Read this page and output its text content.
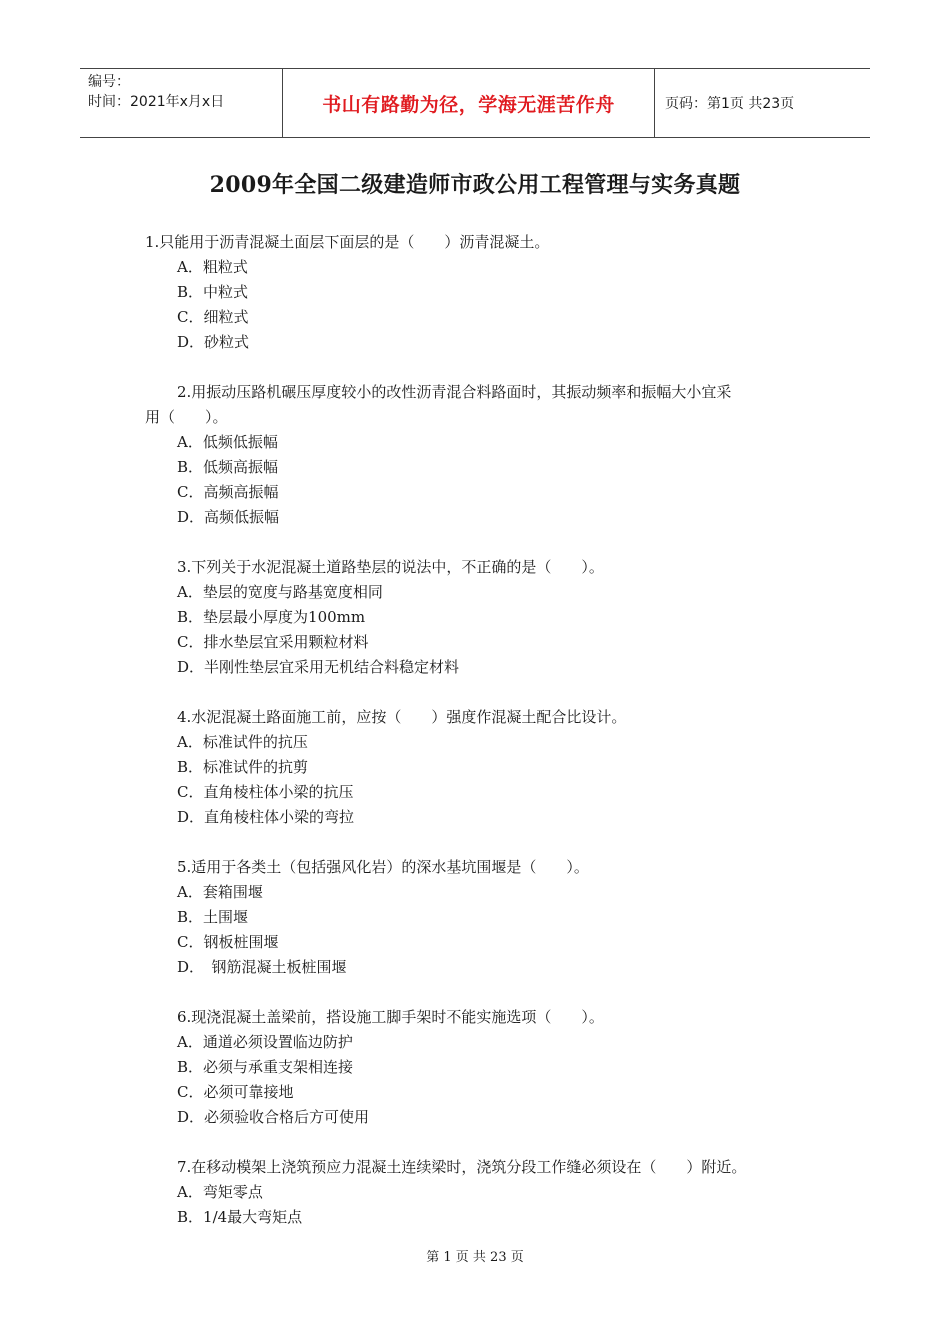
编号：
时间：2021年x月x日	书山有路勤为径，学海无涯苦作舟	页码：第1页 共23页
2009年全国二级建造师市政公用工程管理与实务真题

1.只能用于沥青混凝土面层下面层的是（　　）沥青混凝土。

A．粗粒式
B．中粒式
C．细粒式
D．砂粒式

2.用振动压路机碾压厚度较小的改性沥青混合料路面时，其振动频率和振幅大小宜采

用（　　）。

A．低频低振幅
B．低频高振幅
C．高频高振幅
D．高频低振幅

3.下列关于水泥混凝土道路垫层的说法中，不正确的是（　　）。

A．垫层的宽度与路基宽度相同
B．垫层最小厚度为100mm
C．排水垫层宜采用颗粒材料
D．半刚性垫层宜采用无机结合料稳定材料

4.水泥混凝土路面施工前，应按（　　）强度作混凝土配合比设计。

A．标准试件的抗压
B．标准试件的抗剪
C．直角棱柱体小梁的抗压
D．直角棱柱体小梁的弯拉

5.适用于各类土（包括强风化岩）的深水基坑围堰是（　　）。

A．套箱围堰
B．土围堰
C．钢板桩围堰
D．　钢筋混凝土板桩围堰

6.现浇混凝土盖梁前，搭设施工脚手架时不能实施选项（　　）。

A．通道必须设置临边防护
B．必须与承重支架相连接
C．必须可靠接地
D．必须验收合格后方可使用

7.在移动模架上浇筑预应力混凝土连续梁时，浇筑分段工作缝必须设在（　　）附近。

A．弯矩零点
B．1/4最大弯矩点
第 1 页 共 23 页
